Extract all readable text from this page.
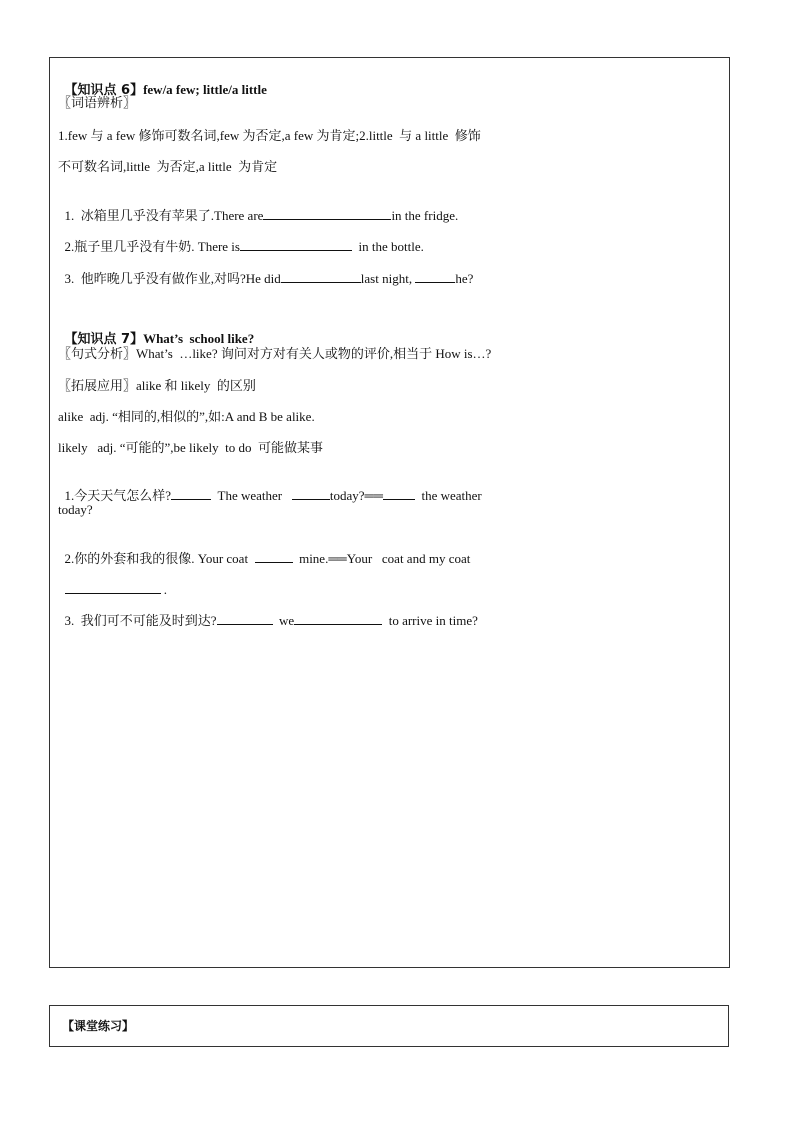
【知识点 6】few/a few; little/a little

〖词语辨析〗
1.few 与 a few 修饰可数名词,few 为否定,a few 为肯定;2.little  与 a little  修饰
不可数名词,little  为否定,a little  为肯定

1.  冰箱里几乎没有苹果了.There are	in the fridge.

2.瓶子里几乎没有牛奶. There is	in the bottle.

3.  他昨晚几乎没有做作业,对吗?He did	last night,	he?

【知识点 7】What’s  school like?

〖句式分析〗What’s  …like? 询问对方对有关人或物的评价,相当于 How is…?
〖拓展应用〗alike 和 likely  的区别
alike  adj. “相同的,相似的”,如:A and B be alike.
likely   adj. “可能的”,be likely  to do  可能做某事

1.今天天气怎么样?	The weather	today?══  the weather

today?

2.你的外套和我的很像. Your coat	mine.══Your   coat and my coat

.

3.  我们可不可能及时到达?	we	to arrive in time?

【课堂练习】
